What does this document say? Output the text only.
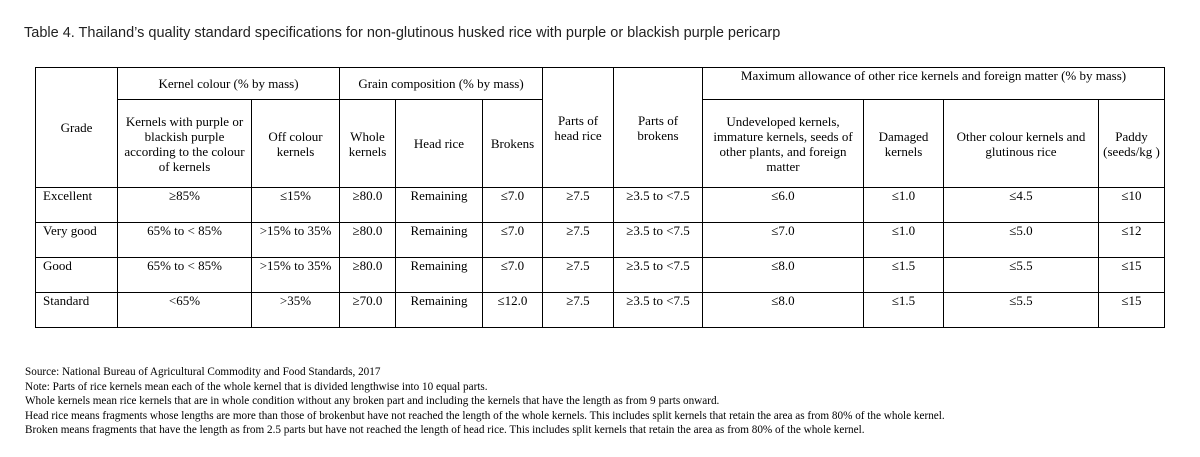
Table 4. Thailand’s quality standard specifications for non-glutinous husked rice with purple or blackish purple pericarp
Grade	Kernel colour (% by mass)		Grain composition (% by mass)			Parts of head rice	Parts of brokens	Maximum allowance of other rice kernels and foreign matter (% by mass)			
	Kernels with purple or blackish purple according to the colour of kernels	Off colour kernels	Whole kernels	Head rice	Brokens			Undeveloped kernels, immature kernels, seeds of other plants, and foreign matter	Damaged kernels	Other colour kernels and glutinous rice	Paddy (seeds/kg )
Excellent	≥85%	≤15%	≥80.0	Remaining	≤7.0	≥7.5	≥3.5 to <7.5	≤6.0	≤1.0	≤4.5	≤10
Very good	65% to < 85%	>15% to 35%	≥80.0	Remaining	≤7.0	≥7.5	≥3.5 to <7.5	≤7.0	≤1.0	≤5.0	≤12
Good	65% to < 85%	>15% to 35%	≥80.0	Remaining	≤7.0	≥7.5	≥3.5 to <7.5	≤8.0	≤1.5	≤5.5	≤15
Standard	<65%	>35%	≥70.0	Remaining	≤12.0	≥7.5	≥3.5 to <7.5	≤8.0	≤1.5	≤5.5	≤15
Source: National Bureau of Agricultural Commodity and Food Standards, 2017
Note: Parts of rice kernels mean each of the whole kernel that is divided lengthwise into 10 equal parts.
Whole kernels mean rice kernels that are in whole condition without any broken part and including the kernels that have the length as from 9 parts onward.
Head rice means fragments whose lengths are more than those of brokenbut have not reached the length of the whole kernels. This includes split kernels that retain the area as from 80% of the whole kernel.
Broken means fragments that have the length as from 2.5 parts but have not reached the length of head rice. This includes split kernels that retain the area as from 80% of the whole kernel.
